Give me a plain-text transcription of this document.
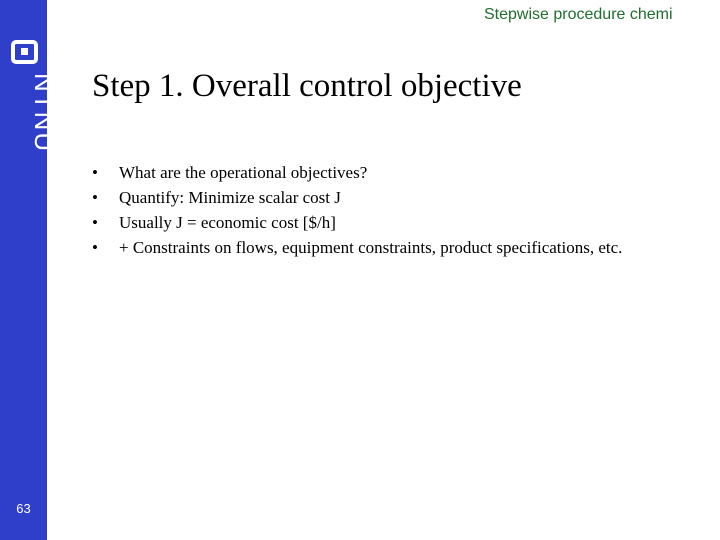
NTNU
63
Stepwise procedure chemi
Step 1. Overall control objective
•	What are the operational objectives?
•	Quantify: Minimize scalar cost J
•	Usually J = economic cost [$/h]
•	+ Constraints on flows, equipment constraints, product specifications, etc.
